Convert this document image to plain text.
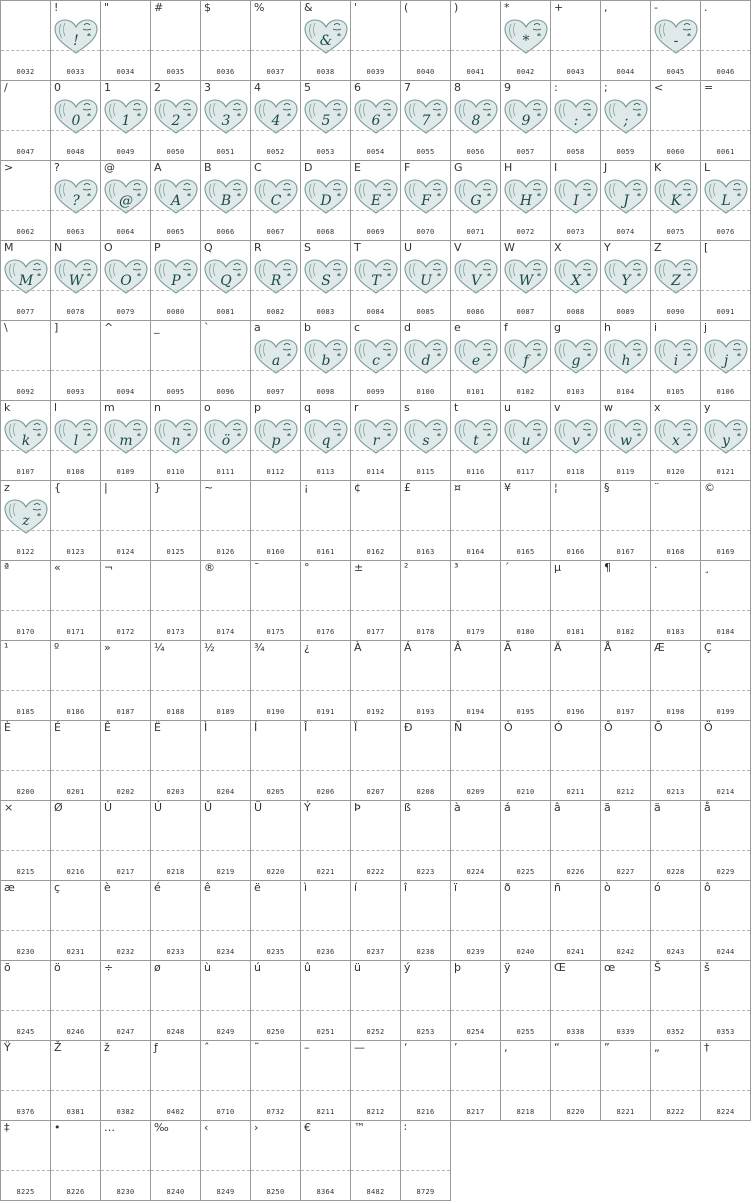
0032
!
!
0033
"
0034
#
0035
$
0036
%
0037
&
&
0038
'
0039
(
0040
)
0041
*
*
0042
+
0043
,
0044
-
-
0045
.
0046
/
0047
0
0
0048
1
1
0049
2
2
0050
3
3
0051
4
4
0052
5
5
0053
6
6
0054
7
7
0055
8
8
0056
9
9
0057
:
:
0058
;
;
0059
<
0060
=
0061
>
0062
?
?
0063
@
@
0064
A
A
0065
B
B
0066
C
C
0067
D
D
0068
E
E
0069
F
F
0070
G
G
0071
H
H
0072
I
I
0073
J
J
0074
K
K
0075
L
L
0076
M
M
0077
N
W
0078
O
O
0079
P
P
0080
Q
Q
0081
R
R
0082
S
S
0083
T
T
0084
U
U
0085
V
V
0086
W
W
0087
X
X
0088
Y
Y
0089
Z
Z
0090
[
0091
\
0092
]
0093
^
0094
_
0095
`
0096
a
a
0097
b
b
0098
c
c
0099
d
d
0100
e
e
0101
f
f
0102
g
g
0103
h
h
0104
i
i
0105
j
j
0106
k
k
0107
l
l
0108
m
m
0109
n
n
0110
o
ö
0111
p
p
0112
q
q
0113
r
r
0114
s
s
0115
t
t
0116
u
u
0117
v
v
0118
w
w
0119
x
x
0120
y
y
0121
z
z
0122
{
0123
|
0124
}
0125
~
0126	0160
¡
0161
¢
0162
£
0163
¤
0164
¥
0165
¦
0166
§
0167
¨
0168
©
0169
ª
0170
«
0171
¬
0172	0173
®
0174
¯
0175
°
0176
±
0177
²
0178
³
0179
´
0180
µ
0181
¶
0182
·
0183
¸
0184
¹
0185
º
0186
»
0187
¼
0188
½
0189
¾
0190
¿
0191
À
0192
Á
0193
Â
0194
Ã
0195
Ä
0196
Å
0197
Æ
0198
Ç
0199
È
0200
É
0201
Ê
0202
Ë
0203
Ì
0204
Í
0205
Î
0206
Ï
0207
Ð
0208
Ñ
0209
Ò
0210
Ó
0211
Ô
0212
Õ
0213
Ö
0214
×
0215
Ø
0216
Ù
0217
Ú
0218
Û
0219
Ü
0220
Ý
0221
Þ
0222
ß
0223
à
0224
á
0225
â
0226
ã
0227
ä
0228
å
0229
æ
0230
ç
0231
è
0232
é
0233
ê
0234
ë
0235
ì
0236
í
0237
î
0238
ï
0239
ð
0240
ñ
0241
ò
0242
ó
0243
ô
0244
õ
0245
ö
0246
÷
0247
ø
0248
ù
0249
ú
0250
û
0251
ü
0252
ý
0253
þ
0254
ÿ
0255
Œ
0338
œ
0339
Š
0352
š
0353
Ÿ
0376
Ž
0381
ž
0382
ƒ
0402
ˆ
0710
˜
0732
–
8211
—
8212
‘
8216
’
8217
‚
8218
“
8220
”
8221
„
8222
†
8224
‡
8225
•
8226
…
8230
‰
8240
‹
8249
›
8250
€
8364
™
8482
∶
8729
